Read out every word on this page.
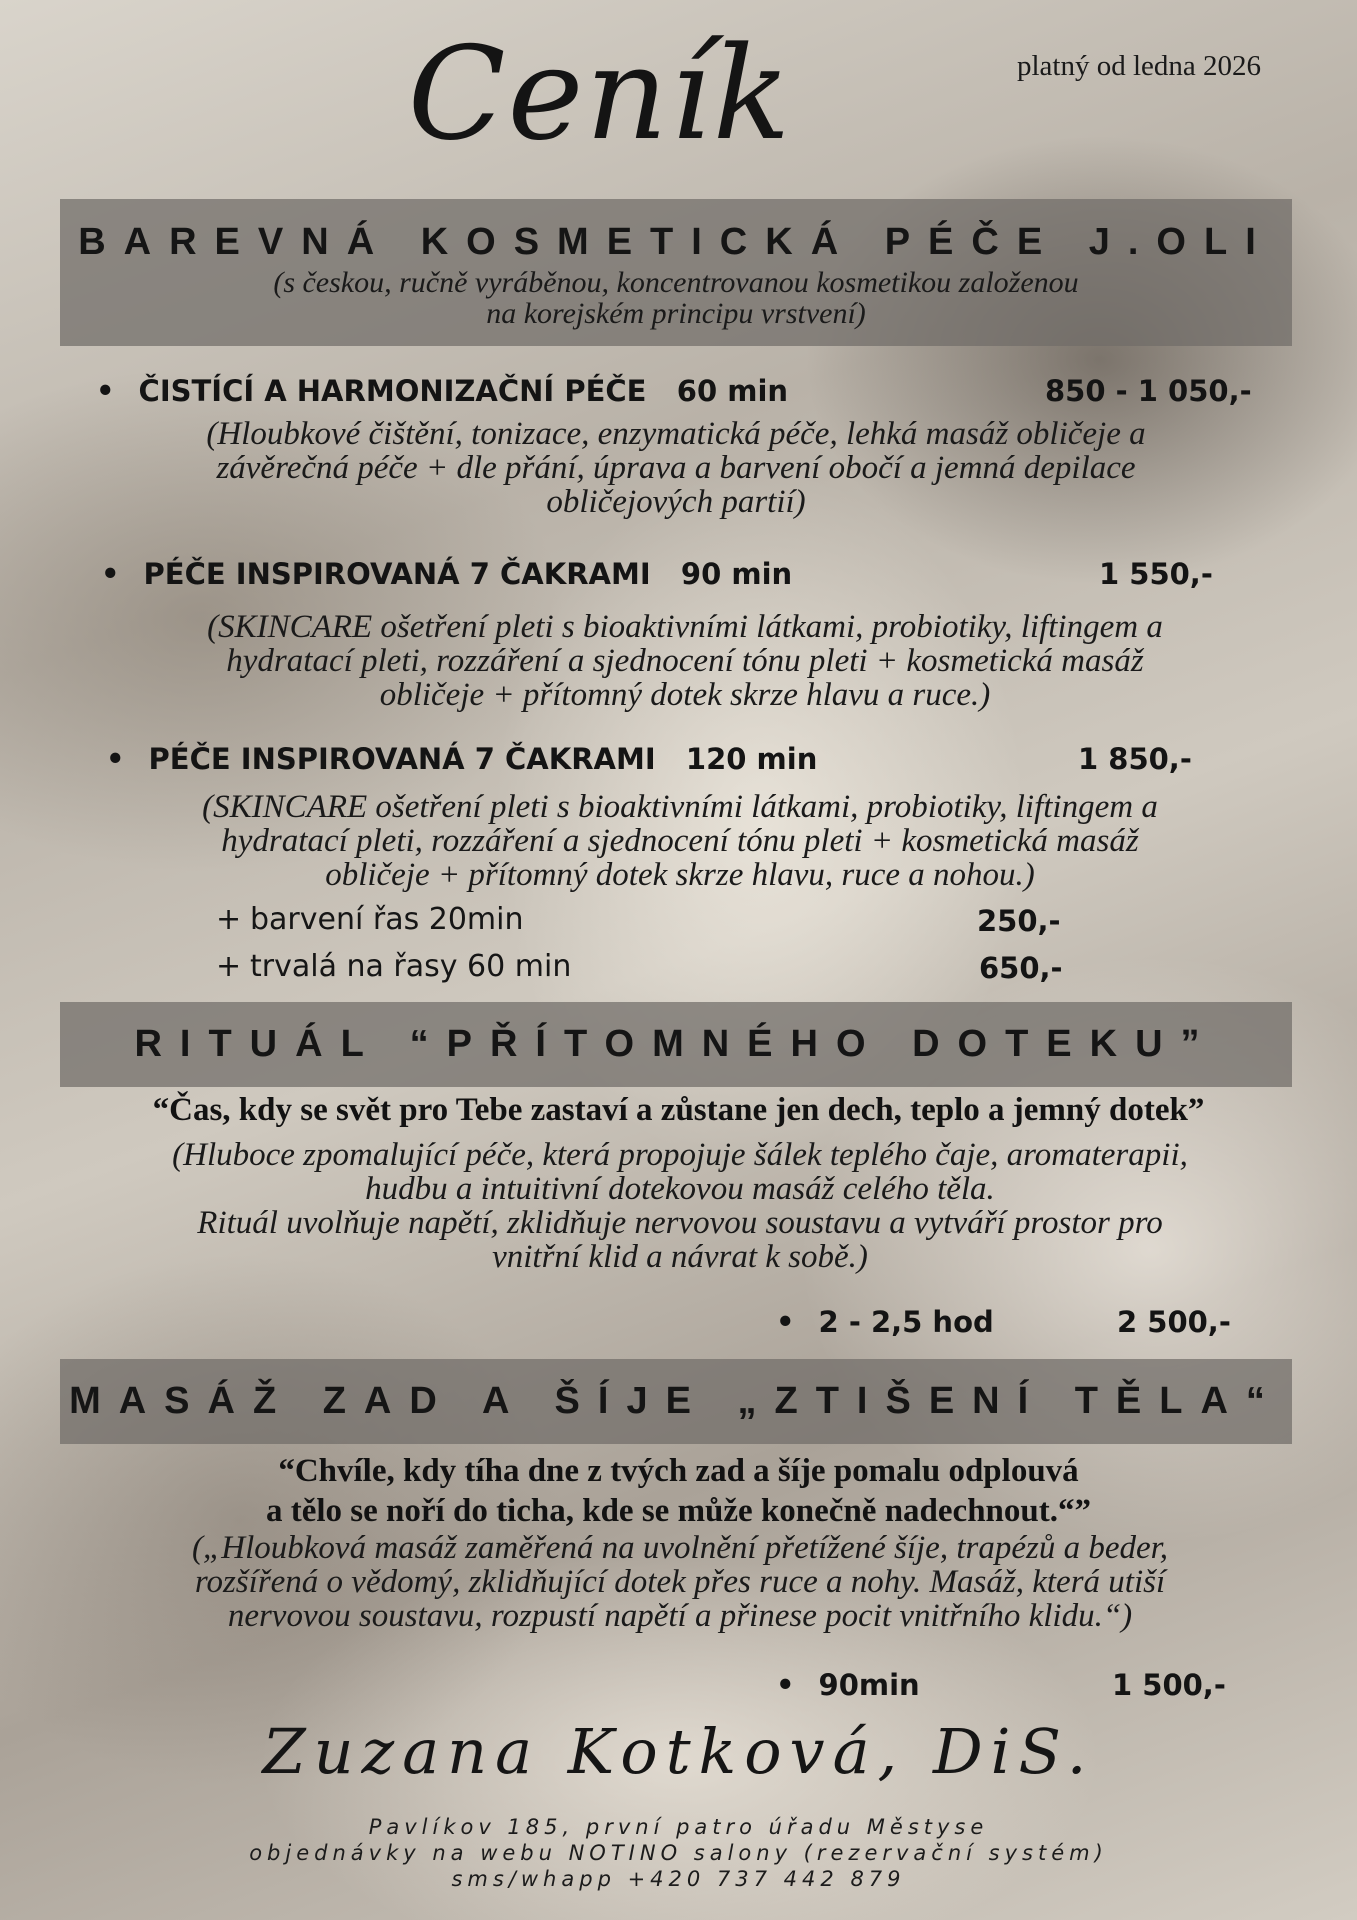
Ceník	platný od ledna 2026
BAREVNÁ KOSMETICKÁ PÉČE J.OLI
(s českou, ručně vyráběnou, koncentrovanou kosmetikou založenou
na korejském principu vrstvení)
• ČISTÍCÍ A HARMONIZAČNÍ PÉČE 60 min	850 - 1 050,-
(Hloubkové čištění, tonizace, enzymatická péče, lehká masáž obličeje a
závěrečná péče + dle přání, úprava a barvení obočí a jemná depilace
obličejových partií)
• PÉČE INSPIROVANÁ 7 ČAKRAMI 90 min	1 550,-
(SKINCARE ošetření pleti s bioaktivními látkami, probiotiky, liftingem a
hydratací pleti, rozzáření a sjednocení tónu pleti + kosmetická masáž
obličeje + přítomný dotek skrze hlavu a ruce.)
• PÉČE INSPIROVANÁ 7 ČAKRAMI 120 min	1 850,-
(SKINCARE ošetření pleti s bioaktivními látkami, probiotiky, liftingem a
hydratací pleti, rozzáření a sjednocení tónu pleti + kosmetická masáž
obličeje + přítomný dotek skrze hlavu, ruce a nohou.)
+ barvení řas 20min	250,-
+ trvalá na řasy 60 min	650,-
RITUÁL “PŘÍTOMNÉHO DOTEKU”
“Čas, kdy se svět pro Tebe zastaví a zůstane jen dech, teplo a jemný dotek”
(Hluboce zpomalující péče, která propojuje šálek teplého čaje, aromaterapii,
hudbu a intuitivní dotekovou masáž celého těla.
Rituál uvolňuje napětí, zklidňuje nervovou soustavu a vytváří prostor pro
vnitřní klid a návrat k sobě.)
• 2 - 2,5 hod	2 500,-
MASÁŽ ZAD A ŠÍJE „ZTIŠENÍ TĚLA“
“Chvíle, kdy tíha dne z tvých zad a šíje pomalu odplouvá
a tělo se noří do ticha, kde se může konečně nadechnout.“”
(„Hloubková masáž zaměřená na uvolnění přetížené šíje, trapézů a beder,
rozšířená o vědomý, zklidňující dotek přes ruce a nohy. Masáž, která utiší
nervovou soustavu, rozpustí napětí a přinese pocit vnitřního klidu.“)
• 90min	1 500,-
Zuzana Kotková, DiS.
Pavlíkov 185, první patro úřadu Městyse
objednávky na webu NOTINO salony (rezervační systém)
sms/whapp +420 737 442 879
